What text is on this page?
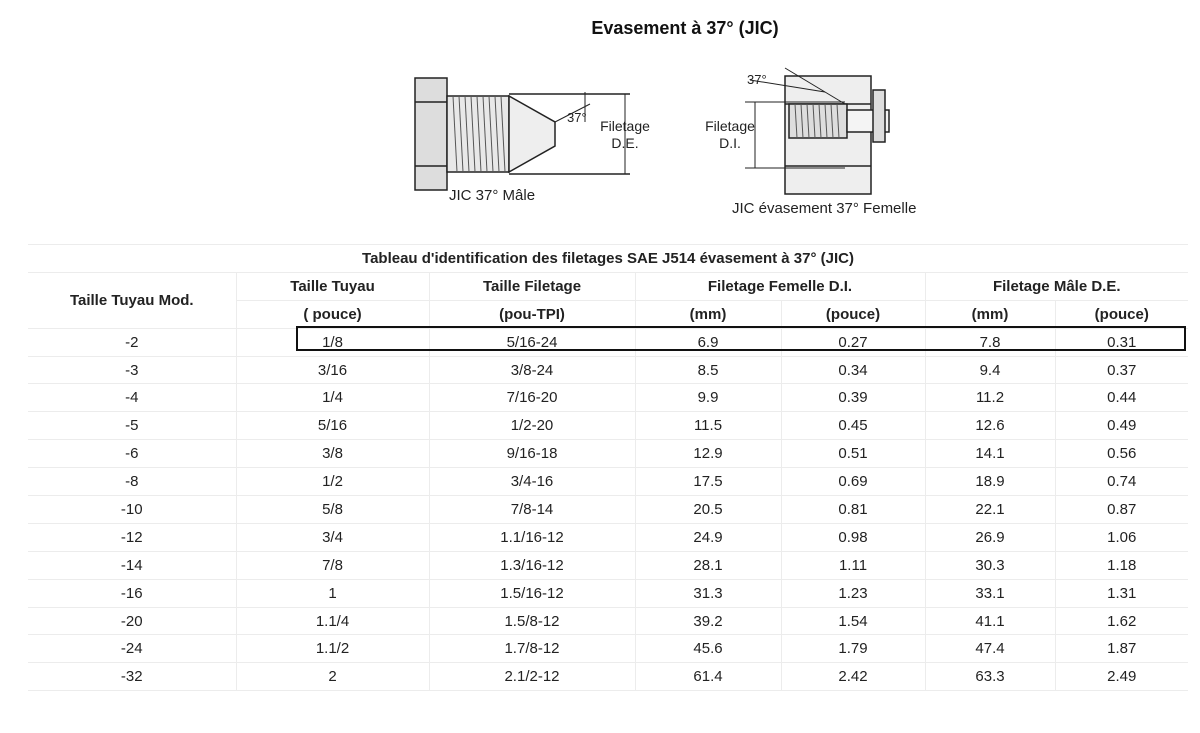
Evasement à 37° (JIC)
37°
Filetage
D.E.
JIC 37° Mâle
37°
Filetage
D.I.
JIC évasement 37° Femelle
Tableau d'identification des filetages SAE J514 évasement à 37° (JIC)						
Taille Tuyau Mod.	Taille Tuyau	Taille Filetage	Filetage Femelle D.I.		Filetage Mâle D.E.	
	( pouce)	(pou-TPI)	(mm)	(pouce)	(mm)	(pouce)
-2	1/8	5/16-24	6.9	0.27	7.8	0.31
-3	3/16	3/8-24	8.5	0.34	9.4	0.37
-4	1/4	7/16-20	9.9	0.39	11.2	0.44
-5	5/16	1/2-20	11.5	0.45	12.6	0.49
-6	3/8	9/16-18	12.9	0.51	14.1	0.56
-8	1/2	3/4-16	17.5	0.69	18.9	0.74
-10	5/8	7/8-14	20.5	0.81	22.1	0.87
-12	3/4	1.1/16-12	24.9	0.98	26.9	1.06
-14	7/8	1.3/16-12	28.1	1.11	30.3	1.18
-16	1	1.5/16-12	31.3	1.23	33.1	1.31
-20	1.1/4	1.5/8-12	39.2	1.54	41.1	1.62
-24	1.1/2	1.7/8-12	45.6	1.79	47.4	1.87
-32	2	2.1/2-12	61.4	2.42	63.3	2.49
